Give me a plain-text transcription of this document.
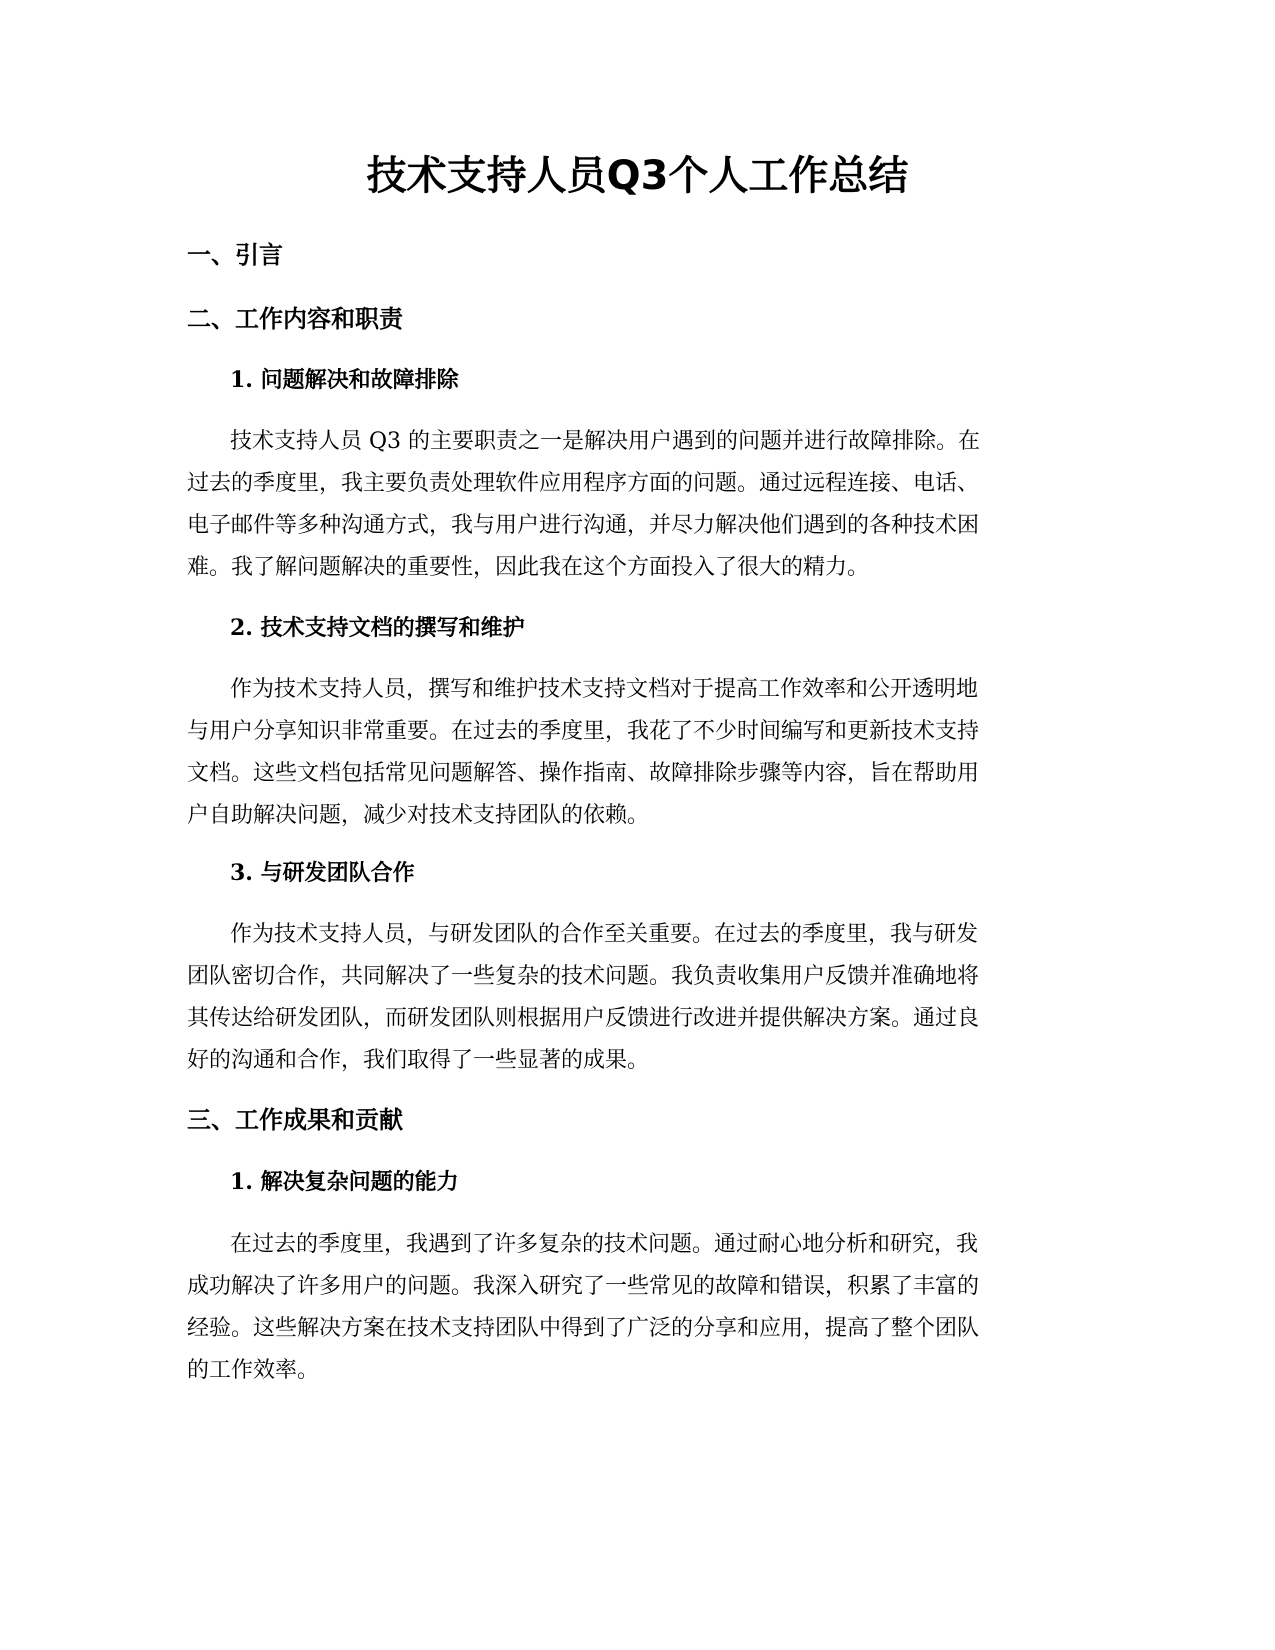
技术支持人员Q3个人工作总结
一、引言
二、工作内容和职责
1. 问题解决和故障排除
技术支持人员 Q3 的主要职责之一是解决用户遇到的问题并进行故障排除。在
过去的季度里，我主要负责处理软件应用程序方面的问题。通过远程连接、电话、
电子邮件等多种沟通方式，我与用户进行沟通，并尽力解决他们遇到的各种技术困
难。我了解问题解决的重要性，因此我在这个方面投入了很大的精力。
2. 技术支持文档的撰写和维护
作为技术支持人员，撰写和维护技术支持文档对于提高工作效率和公开透明地
与用户分享知识非常重要。在过去的季度里，我花了不少时间编写和更新技术支持
文档。这些文档包括常见问题解答、操作指南、故障排除步骤等内容，旨在帮助用
户自助解决问题，减少对技术支持团队的依赖。
3. 与研发团队合作
作为技术支持人员，与研发团队的合作至关重要。在过去的季度里，我与研发
团队密切合作，共同解决了一些复杂的技术问题。我负责收集用户反馈并准确地将
其传达给研发团队，而研发团队则根据用户反馈进行改进并提供解决方案。通过良
好的沟通和合作，我们取得了一些显著的成果。
三、工作成果和贡献
1. 解决复杂问题的能力
在过去的季度里，我遇到了许多复杂的技术问题。通过耐心地分析和研究，我
成功解决了许多用户的问题。我深入研究了一些常见的故障和错误，积累了丰富的
经验。这些解决方案在技术支持团队中得到了广泛的分享和应用，提高了整个团队
的工作效率。
